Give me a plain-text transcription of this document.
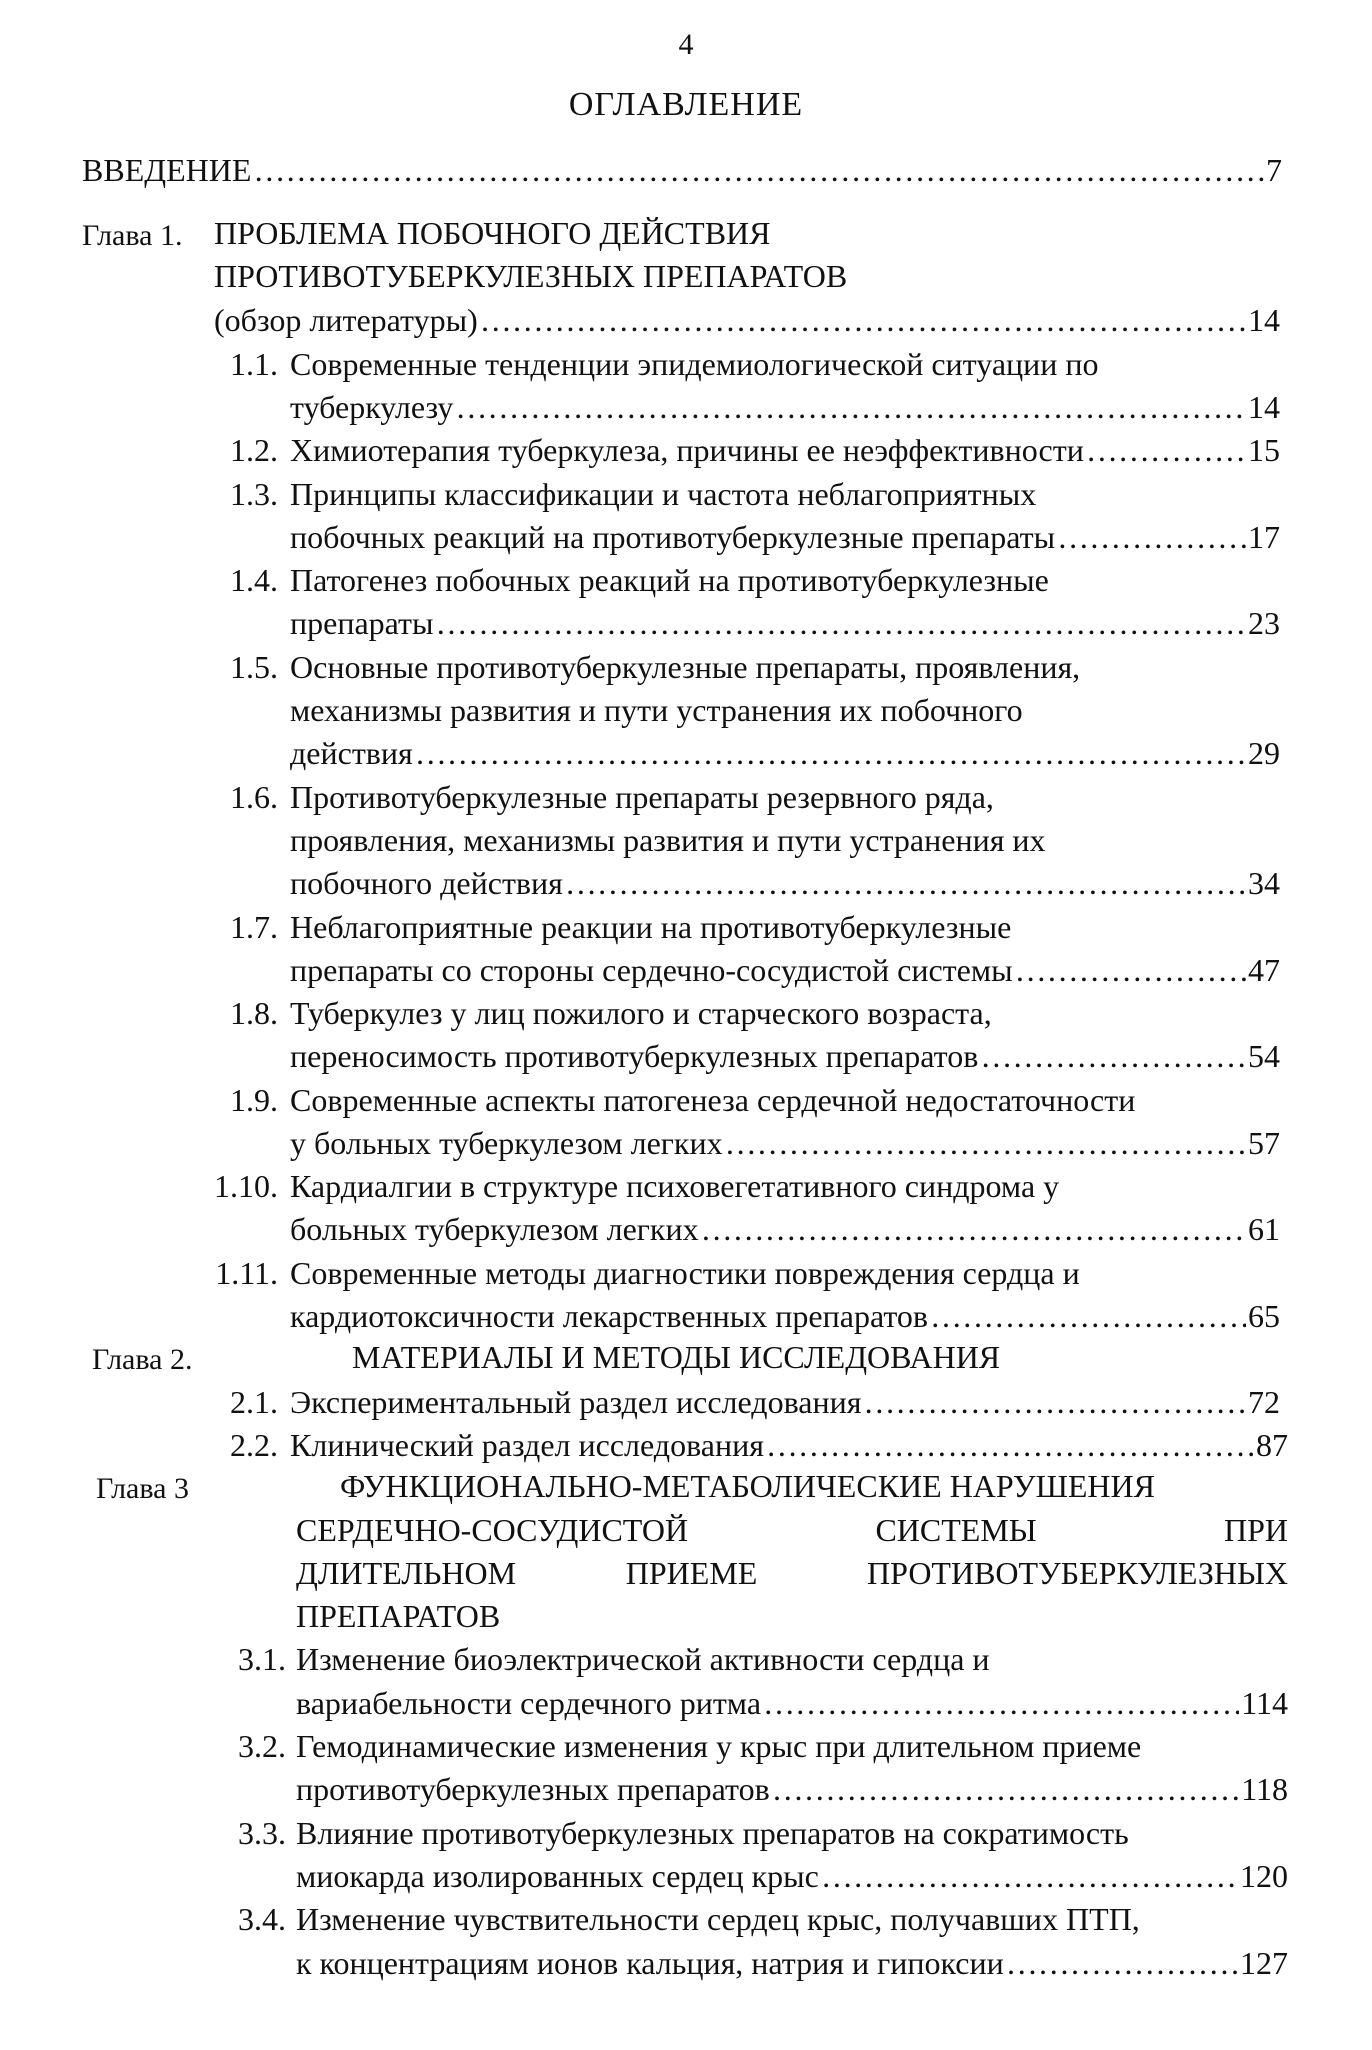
4
ОГЛАВЛЕНИЕ
ВВЕДЕНИЕ ………………………………………………………………………………………………………………………………………………………………………………………………………………………………………………………………………………	7
Глава 1. ПРОБЛЕМА ПОБОЧНОГО ДЕЙСТВИЯ
ПРОТИВОТУБЕРКУЛЕЗНЫХ ПРЕПАРАТОВ
(обзор литературы) ………………………………………………………………………………………………………………………………………………………………………………………………………………………………………………………………………………	14
1.1. Современные тенденции эпидемиологической ситуации по
туберкулезу ………………………………………………………………………………………………………………………………………………………………………………………………………………………………………………………………………………	14
1.2. Химиотерапия туберкулеза, причины ее неэффективности ………………………………………………………………………………………………………………………………………………………………………………………………………………………………………………………………………………	15
1.3. Принципы классификации и частота неблагоприятных
побочных реакций на противотуберкулезные препараты ………………………………………………………………………………………………………………………………………………………………………………………………………………………………………………………………………………	17
1.4. Патогенез побочных реакций на противотуберкулезные
препараты ………………………………………………………………………………………………………………………………………………………………………………………………………………………………………………………………………………	23
1.5. Основные противотуберкулезные препараты, проявления,
механизмы развития и пути устранения их побочного
действия ………………………………………………………………………………………………………………………………………………………………………………………………………………………………………………………………………………	29
1.6. Противотуберкулезные препараты резервного ряда,
проявления, механизмы развития и пути устранения их
побочного действия ………………………………………………………………………………………………………………………………………………………………………………………………………………………………………………………………………………	34
1.7. Неблагоприятные реакции на противотуберкулезные
препараты со стороны сердечно-сосудистой системы ………………………………………………………………………………………………………………………………………………………………………………………………………………………………………………………………………………	47
1.8. Туберкулез у лиц пожилого и старческого возраста,
переносимость противотуберкулезных препаратов ………………………………………………………………………………………………………………………………………………………………………………………………………………………………………………………………………………	54
1.9. Современные аспекты патогенеза сердечной недостаточности
у больных туберкулезом легких ………………………………………………………………………………………………………………………………………………………………………………………………………………………………………………………………………………	57
1.10. Кардиалгии в структуре психовегетативного синдрома у
больных туберкулезом легких ………………………………………………………………………………………………………………………………………………………………………………………………………………………………………………………………………………	61
1.11. Современные методы диагностики повреждения сердца и
кардиотоксичности лекарственных препаратов ………………………………………………………………………………………………………………………………………………………………………………………………………………………………………………………………………………	65
Глава 2.	МАТЕРИАЛЫ И МЕТОДЫ ИССЛЕДОВАНИЯ
2.1. Экспериментальный раздел исследования ………………………………………………………………………………………………………………………………………………………………………………………………………………………………………………………………………………	72
2.2. Клинический раздел исследования ………………………………………………………………………………………………………………………………………………………………………………………………………………………………………………………………………………	87
Глава 3	ФУНКЦИОНАЛЬНО-МЕТАБОЛИЧЕСКИЕ НАРУШЕНИЯ
СЕРДЕЧНО-СОСУДИСТОЙ СИСТЕМЫ ПРИ
ДЛИТЕЛЬНОМ ПРИЕМЕ ПРОТИВОТУБЕРКУЛЕЗНЫХ
ПРЕПАРАТОВ
3.1. Изменение биоэлектрической активности сердца и
вариабельности сердечного ритма ………………………………………………………………………………………………………………………………………………………………………………………………………………………………………………………………………………	114
3.2. Гемодинамические изменения у крыс при длительном приеме
противотуберкулезных препаратов ………………………………………………………………………………………………………………………………………………………………………………………………………………………………………………………………………………	118
3.3. Влияние противотуберкулезных препаратов на сократимость
миокарда изолированных сердец крыс ………………………………………………………………………………………………………………………………………………………………………………………………………………………………………………………………………………	120
3.4. Изменение чувствительности сердец крыс, получавших ПТП,
к концентрациям ионов кальция, натрия и гипоксии ………………………………………………………………………………………………………………………………………………………………………………………………………………………………………………………………………………	127
